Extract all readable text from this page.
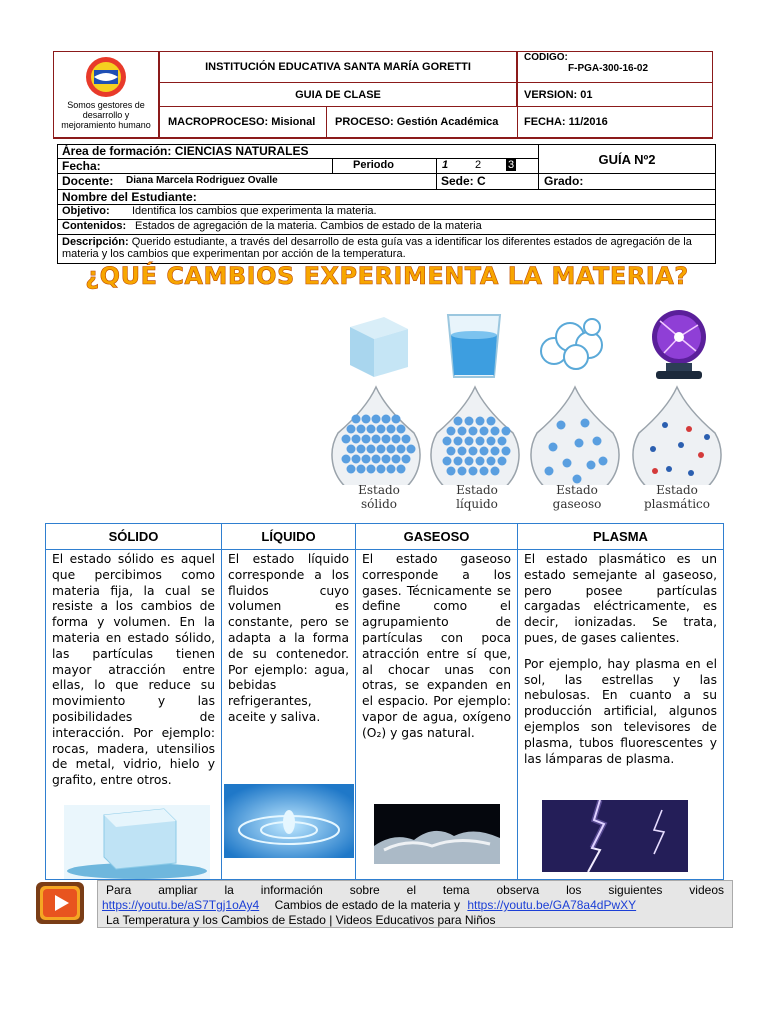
Somos gestores de desarrollo y mejoramiento humano
INSTITUCIÓN EDUCATIVA SANTA MARÍA GORETTI
CODIGO:
F-PGA-300-16-02
GUIA DE CLASE	VERSION: 01
MACROPROCESO: Misional	PROCESO: Gestión Académica	FECHA: 11/2016
Área de formación: CIENCIAS NATURALES
GUÍA Nº2
Fecha:	Periodo	1 2 3
Docente: Diana Marcela Rodriguez Ovalle	Sede: C	Grado:
Nombre del Estudiante:
Objetivo: Identifica los cambios que experimenta la materia.
Contenidos: Estados de agregación de la materia. Cambios de estado de la materia
Descripción: Querido estudiante, a través del desarrollo de esta guía vas a identificar los diferentes estados de agregación de la materia y los cambios que experimentan por acción de la temperatura.
¿QUÉ CAMBIOS EXPERIMENTA LA MATERIA?
Estado
sólido
Estado
líquido
Estado
gaseoso
Estado
plasmático
SÓLIDO
El estado sólido es aquel que percibimos como materia fija, la cual se resiste a los cambios de forma y volumen. En la materia en estado sólido, las partículas tienen mayor atracción entre ellas, lo que reduce su movimiento y las posibilidades de interacción. Por ejemplo: rocas, madera, utensilios de metal, vidrio, hielo y grafito, entre otros.
LÍQUIDO
El estado líquido corresponde a los fluidos cuyo volumen es constante, pero se adapta a la forma de su contenedor. Por ejemplo: agua, bebidas refrigerantes, aceite y saliva.
GASEOSO
El estado gaseoso corresponde a los gases. Técnicamente se define como el agrupamiento de partículas con poca atracción entre sí que, al chocar unas con otras, se expanden en el espacio. Por ejemplo: vapor de agua, oxígeno (O₂) y gas natural.
PLASMA
El estado plasmático es un estado semejante al gaseoso, pero posee partículas cargadas eléctricamente, es decir, ionizadas. Se trata, pues, de gases calientes.
Por ejemplo, hay plasma en el sol, las estrellas y las nebulosas. En cuanto a su producción artificial, algunos ejemplos son televisores de plasma, tubos fluorescentes y las lámparas de plasma.
Para ampliar la información sobre el tema observa los siguientes videos
https://youtu.be/aS7Tgj1oAy4 Cambios de estado de la materia y https://youtu.be/GA78a4dPwXY
La Temperatura y los Cambios de Estado | Videos Educativos para Niños
